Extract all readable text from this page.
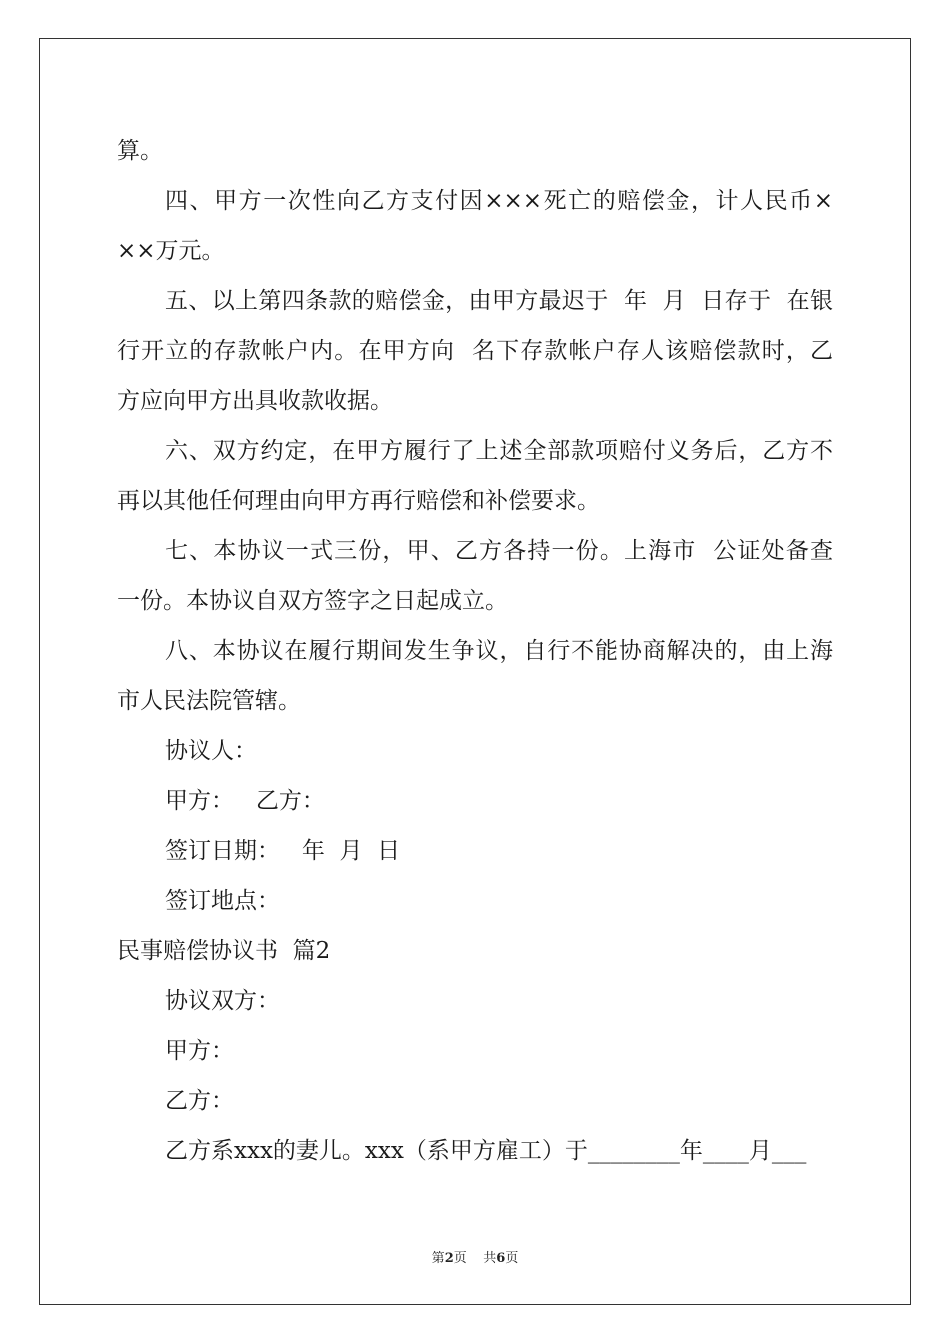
算。
四、甲方一次性向乙方支付因×××死亡的赔偿金，计人民币×
××万元。
五、以上第四条款的赔偿金，由甲方最迟于  年  月  日存于  在银
行开立的存款帐户内。在甲方向  名下存款帐户存人该赔偿款时，乙
方应向甲方出具收款收据。
六、双方约定，在甲方履行了上述全部款项赔付义务后，乙方不
再以其他任何理由向甲方再行赔偿和补偿要求。
七、本协议一式三份，甲、乙方各持一份。上海市  公证处备查
一份。本协议自双方签字之日起成立。
八、本协议在履行期间发生争议，自行不能协商解决的，由上海
市人民法院管辖。
协议人：
甲方：   乙方：
签订日期：   年  月  日
签订地点：
民事赔偿协议书  篇2
协议双方：
甲方：
乙方：
乙方系xxx的妻儿。xxx（系甲方雇工）于________年____月___
第2页    共6页
